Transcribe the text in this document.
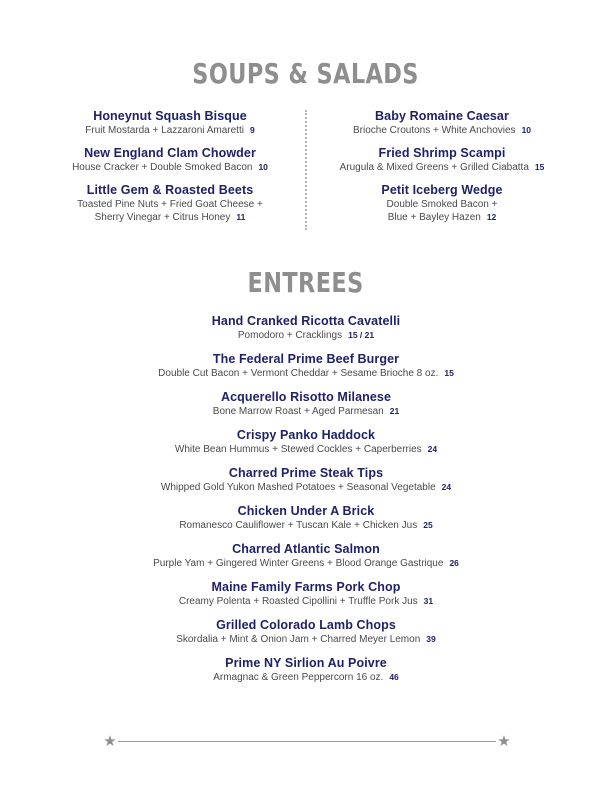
SOUPS & SALADS
Honeynut Squash Bisque
Fruit Mostarda + Lazzaroni Amaretti 9
New England Clam Chowder
House Cracker + Double Smoked Bacon 10
Little Gem & Roasted Beets
Toasted Pine Nuts + Fried Goat Cheese +
Sherry Vinegar + Citrus Honey 11
Baby Romaine Caesar
Brioche Croutons + White Anchovies 10
Fried Shrimp Scampi
Arugula & Mixed Greens + Grilled Ciabatta 15
Petit Iceberg Wedge
Double Smoked Bacon +
Blue + Bayley Hazen 12
ENTREES
Hand Cranked Ricotta Cavatelli
Pomodoro + Cracklings 15 / 21
The Federal Prime Beef Burger
Double Cut Bacon + Vermont Cheddar + Sesame Brioche 8 oz. 15
Acquerello Risotto Milanese
Bone Marrow Roast + Aged Parmesan 21
Crispy Panko Haddock
White Bean Hummus + Stewed Cockles + Caperberries 24
Charred Prime Steak Tips
Whipped Gold Yukon Mashed Potatoes + Seasonal Vegetable 24
Chicken Under A Brick
Romanesco Cauliflower + Tuscan Kale + Chicken Jus 25
Charred Atlantic Salmon
Purple Yam + Gingered Winter Greens + Blood Orange Gastrique 26
Maine Family Farms Pork Chop
Creamy Polenta + Roasted Cipollini + Truffle Pork Jus 31
Grilled Colorado Lamb Chops
Skordalia + Mint & Onion Jam + Charred Meyer Lemon 39
Prime NY Sirlion Au Poivre
Armagnac & Green Peppercorn 16 oz. 46
★	★
